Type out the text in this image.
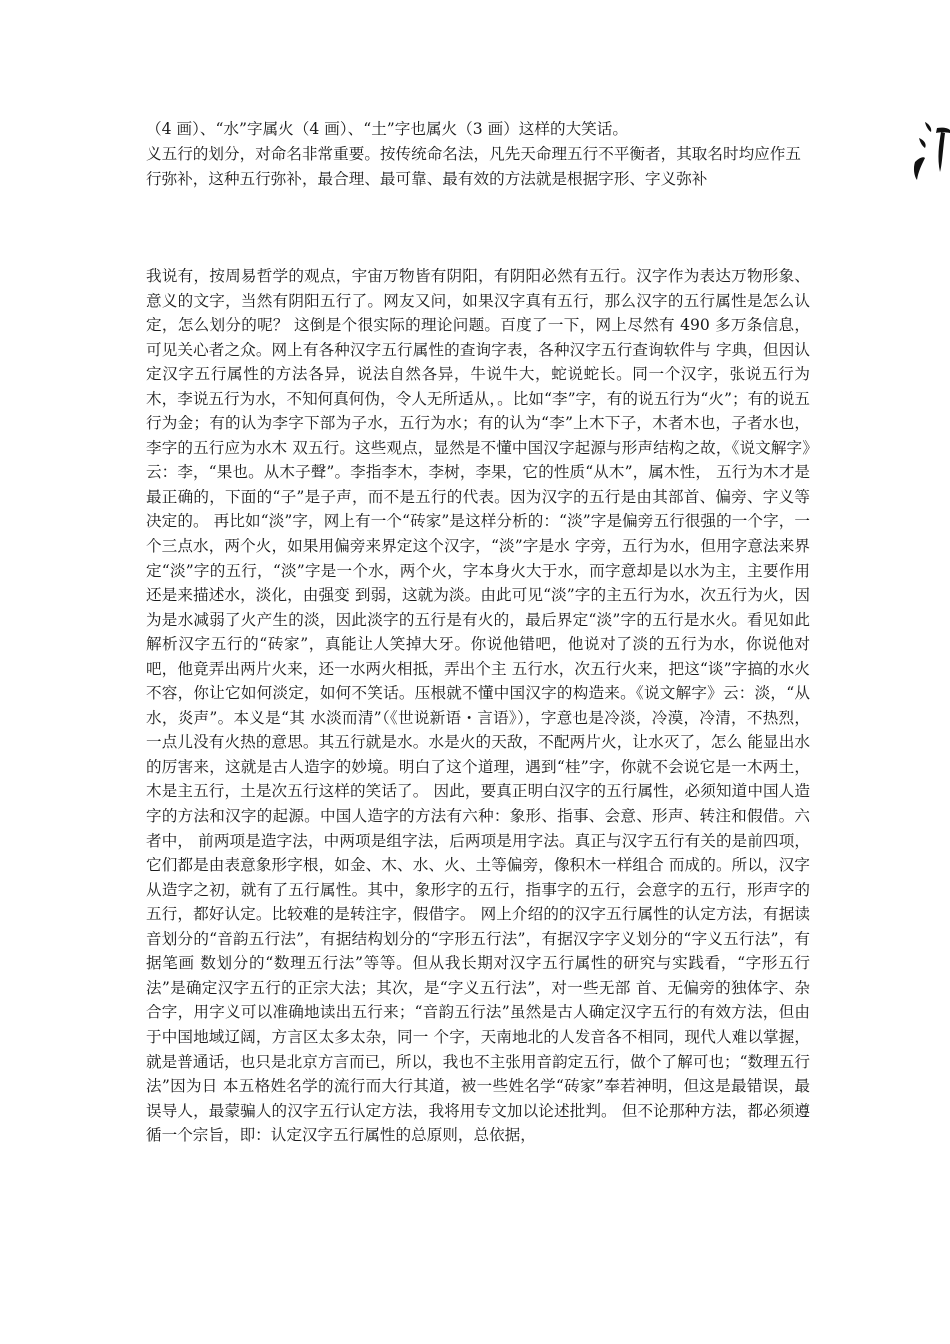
（4 画）、“水”字属火（4 画）、“土”字也属火（3 画）这样的大笑话。

义五行的划分，对命名非常重要。按传统命名法，凡先天命理五行不平衡者，其取名时均应作五行弥补，这种五行弥补，最合理、最可靠、最有效的方法就是根据字形、字义弥补

我说有，按周易哲学的观点，宇宙万物皆有阴阳，有阴阳必然有五行。汉字作为表达万物形象、意义的文字，当然有阴阳五行了。网友又问，如果汉字真有五行，那么汉字的五行属性是怎么认定，怎么划分的呢？ 这倒是个很实际的理论问题。百度了一下，网上尽然有 490 多万条信息，可见关心者之众。网上有各种汉字五行属性的查询字表，各种汉字五行查询软件与 字典，但因认定汉字五行属性的方法各异，说法自然各异，牛说牛大，蛇说蛇长。同一个汉字，张说五行为木，李说五行为水，不知何真何伪，令人无所适从，。比如“李”字，有的说五行为“火”；有的说五行为金；有的认为李字下部为子水，五行为水；有的认为“李”上木下子，木者木也，子者水也，李字的五行应为水木 双五行。这些观点，显然是不懂中国汉字起源与形声结构之故，《说文解字》云：李，“果也。从木子聲”。李指李木，李树，李果，它的性质“从木”，属木性， 五行为木才是最正确的，下面的“子”是子声，而不是五行的代表。因为汉字的五行是由其部首、偏旁、字义等决定的。 再比如“淡”字，网上有一个“砖家”是这样分析的：“淡”字是偏旁五行很强的一个字，一个三点水，两个火，如果用偏旁来界定这个汉字，“淡”字是水 字旁，五行为水，但用字意法来界定“淡”字的五行，“淡”字是一个水，两个火，字本身火大于水，而字意却是以水为主，主要作用还是来描述水，淡化，由强变 到弱，这就为淡。由此可见“淡”字的主五行为水，次五行为火，因为是水减弱了火产生的淡，因此淡字的五行是有火的，最后界定“淡”字的五行是水火。看见如此解析汉字五行的“砖家”，真能让人笑掉大牙。你说他错吧，他说对了淡的五行为水，你说他对吧，他竟弄出两片火来，还一水两火相抵，弄出个主 五行水，次五行火来，把这“谈”字搞的水火不容，你让它如何淡定，如何不笑话。压根就不懂中国汉字的构造来。《说文解字》云：淡，“从水，炎声”。本义是“其 水淡而清”（《世说新语・言语》），字意也是冷淡，冷漠，冷清，不热烈，一点儿没有火热的意思。其五行就是水。水是火的天敌，不配两片火，让水灭了，怎么 能显出水的厉害来，这就是古人造字的妙境。明白了这个道理，遇到“桂”字，你就不会说它是一木两土，木是主五行，土是次五行这样的笑话了。 因此，要真正明白汉字的五行属性，必须知道中国人造字的方法和汉字的起源。中国人造字的方法有六种：象形、指事、会意、形声、转注和假借。六者中， 前两项是造字法，中两项是组字法，后两项是用字法。真正与汉字五行有关的是前四项，它们都是由表意象形字根，如金、木、水、火、土等偏旁，像积木一样组合 而成的。所以，汉字从造字之初，就有了五行属性。其中，象形字的五行，指事字的五行，会意字的五行，形声字的五行，都好认定。比较难的是转注字，假借字。 网上介绍的的汉字五行属性的认定方法，有据读音划分的“音韵五行法”，有据结构划分的“字形五行法”，有据汉字字义划分的“字义五行法”，有据笔画 数划分的“数理五行法”等等。但从我长期对汉字五行属性的研究与实践看，“字形五行法”是确定汉字五行的正宗大法；其次，是“字义五行法”，对一些无部 首、无偏旁的独体字、杂合字，用字义可以准确地读出五行来；“音韵五行法”虽然是古人确定汉字五行的有效方法，但由于中国地域辽阔，方言区太多太杂，同一 个字，天南地北的人发音各不相同，现代人难以掌握，就是普通话，也只是北京方言而已，所以，我也不主张用音韵定五行，做个了解可也；“数理五行法”因为日 本五格姓名学的流行而大行其道，被一些姓名学“砖家”奉若神明，但这是最错误，最误导人，最蒙骗人的汉字五行认定方法，我将用专文加以论述批判。 但不论那种方法，都必须遵循一个宗旨，即：认定汉字五行属性的总原则，总依据，
